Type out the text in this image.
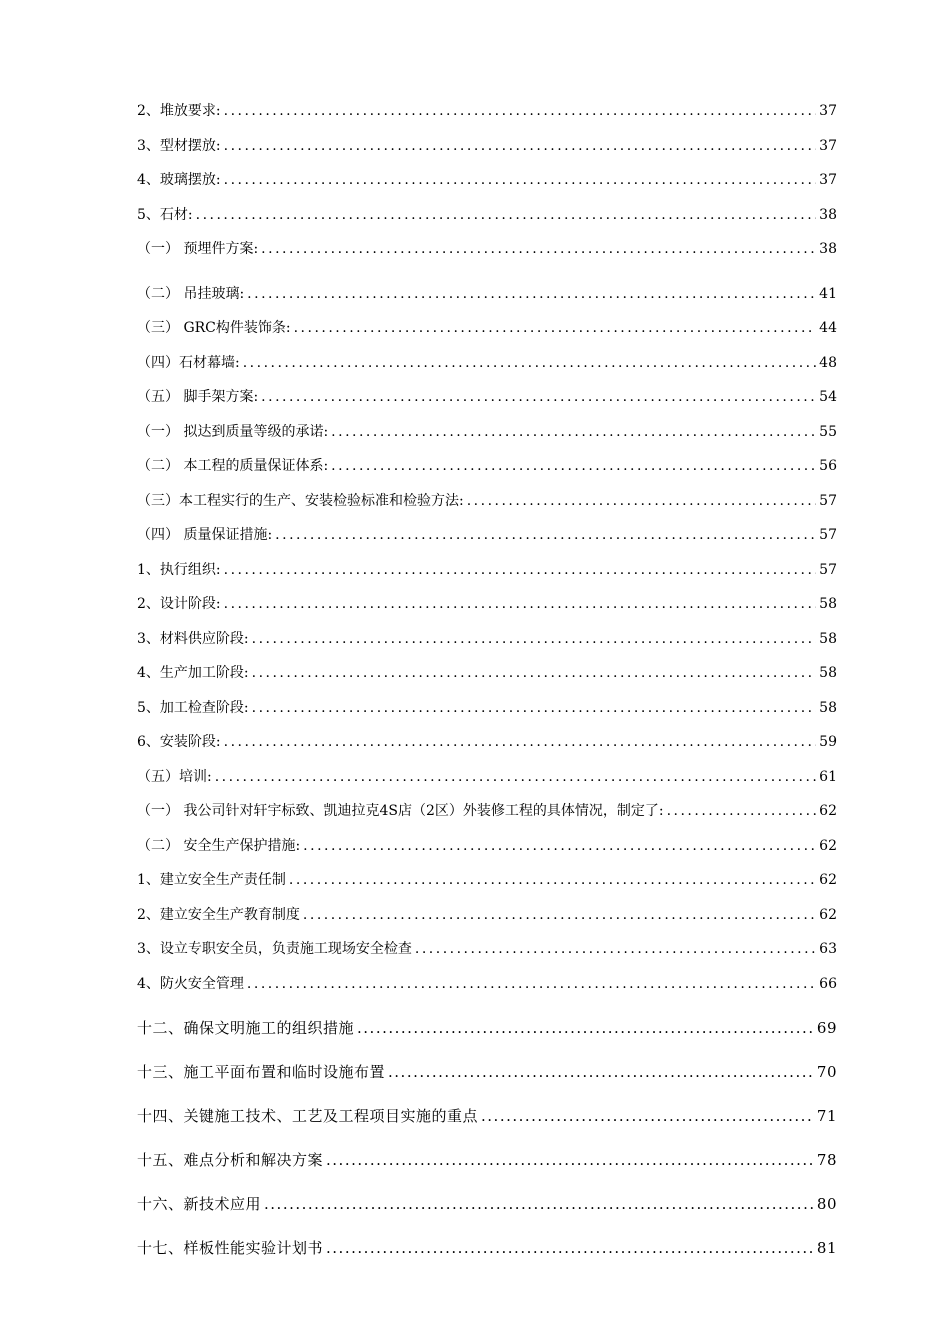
2、堆放要求: .....	37
3、型材摆放: .....	37
4、玻璃摆放: .....	37
5、石材: .....	38
（一） 预埋件方案: .....	38
（二） 吊挂玻璃: .....	41
（三） GRC构件装饰条: .....	44
（四）石材幕墙: .....	48
（五） 脚手架方案: .....	54
（一） 拟达到质量等级的承诺: .....	55
（二） 本工程的质量保证体系: .....	56
（三）本工程实行的生产、安装检验标准和检验方法: .....	57
（四） 质量保证措施: .....	57
1、执行组织: .....	57
2、设计阶段: .....	58
3、材料供应阶段: .....	58
4、生产加工阶段: .....	58
5、加工检查阶段: .....	58
6、安装阶段: .....	59
（五）培训: .....	61
（一） 我公司针对轩宇标致、凯迪拉克4S店（2区）外装修工程的具体情况，制定了: .....	62
（二） 安全生产保护措施: .....	62
1、建立安全生产责任制 .....	62
2、建立安全生产教育制度 .....	62
3、设立专职安全员，负责施工现场安全检查 .....	63
4、防火安全管理 .....	66
十二、确保文明施工的组织措施 .....	69
十三、施工平面布置和临时设施布置 .....	70
十四、关键施工技术、工艺及工程项目实施的重点 .....	71
十五、难点分析和解决方案 .....	78
十六、新技术应用 .....	80
十七、样板性能实验计划书 .....	81
